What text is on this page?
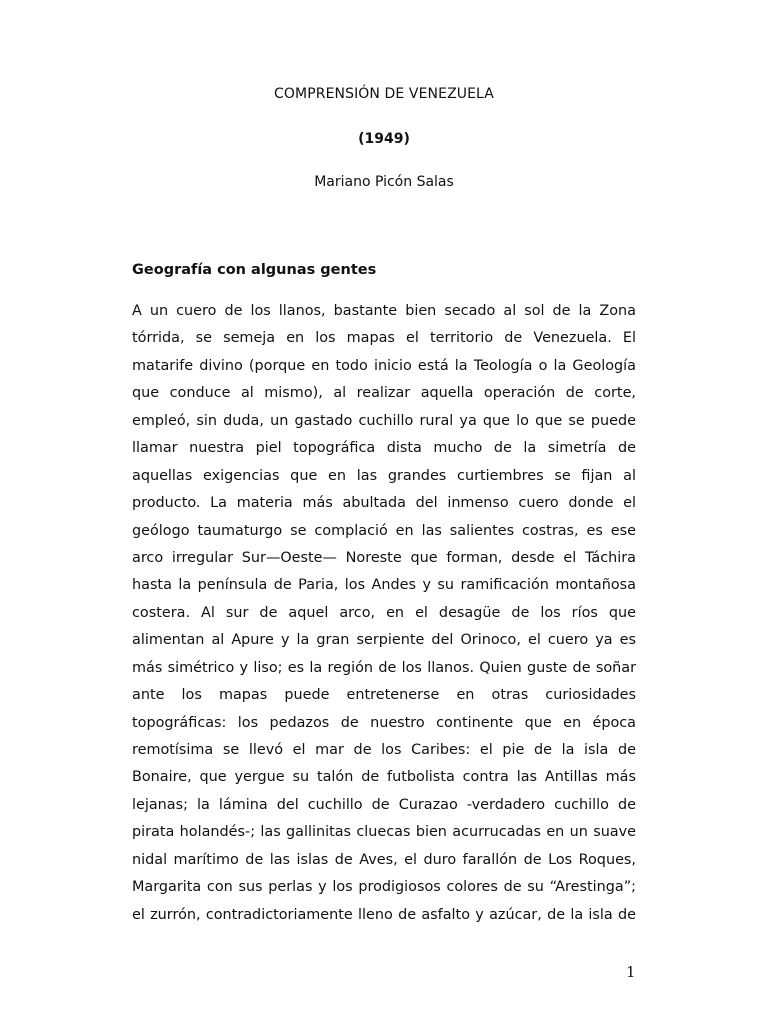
COMPRENSIÓN DE VENEZUELA
(1949)
Mariano Picón Salas
Geografía con algunas gentes
A un cuero de los llanos, bastante bien secado al sol de la Zona
tórrida, se semeja en los mapas el territorio de Venezuela. El
matarife divino (porque en todo inicio está la Teología o la Geología
que conduce al mismo), al realizar aquella operación de corte,
empleó, sin duda, un gastado cuchillo rural ya que lo que se puede
llamar nuestra piel topográfica dista mucho de la simetría de
aquellas exigencias que en las grandes curtiembres se fijan al
producto. La materia más abultada del inmenso cuero donde el
geólogo taumaturgo se complació en las salientes costras, es ese
arco irregular Sur—Oeste— Noreste que forman, desde el Táchira
hasta la península de Paria, los Andes y su ramificación montañosa
costera. Al sur de aquel arco, en el desagüe de los ríos que
alimentan al Apure y la gran serpiente del Orinoco, el cuero ya es
más simétrico y liso; es la región de los llanos. Quien guste de soñar
ante los mapas puede entretenerse en otras curiosidades
topográficas: los pedazos de nuestro continente que en época
remotísima se llevó el mar de los Caribes: el pie de la isla de
Bonaire, que yergue su talón de futbolista contra las Antillas más
lejanas; la lámina del cuchillo de Curazao -verdadero cuchillo de
pirata holandés-; las gallinitas cluecas bien acurrucadas en un suave
nidal marítimo de las islas de Aves, el duro farallón de Los Roques,
Margarita con sus perlas y los prodigiosos colores de su “Arestinga”;
el zurrón, contradictoriamente lleno de asfalto y azúcar, de la isla de
1
